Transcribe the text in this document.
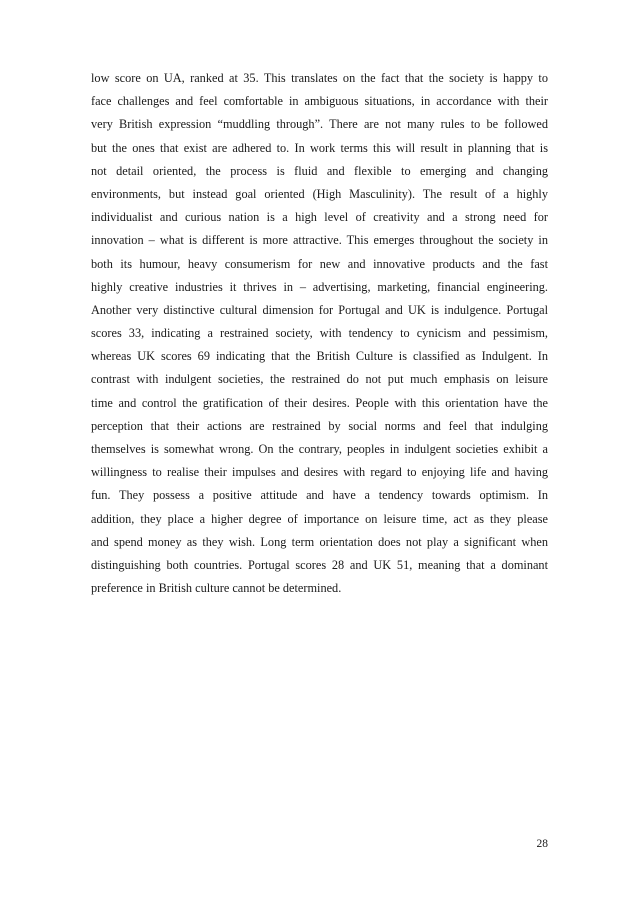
low score on UA, ranked at 35. This translates on the fact that the society is happy to
face challenges and feel comfortable in ambiguous situations, in accordance with their
very British expression “muddling through”. There are not many rules to be followed
but the ones that exist are adhered to. In work terms this will result in planning that is
not detail oriented, the process is fluid and flexible to emerging and changing
environments, but instead goal oriented (High Masculinity). The result of a highly
individualist and curious nation is a high level of creativity and a strong need for
innovation – what is different is more attractive. This emerges throughout the society in
both its humour, heavy consumerism for new and innovative products and the fast
highly creative industries it thrives in – advertising, marketing, financial engineering.
Another very distinctive cultural dimension for Portugal and UK is indulgence. Portugal
scores 33, indicating a restrained society, with tendency to cynicism and pessimism,
whereas UK scores 69 indicating that the British Culture is classified as Indulgent. In
contrast with indulgent societies, the restrained do not put much emphasis on leisure
time and control the gratification of their desires. People with this orientation have the
perception that their actions are restrained by social norms and feel that indulging
themselves is somewhat wrong. On the contrary, peoples in indulgent societies exhibit a
willingness to realise their impulses and desires with regard to enjoying life and having
fun. They possess a positive attitude and have a tendency towards optimism. In
addition, they place a higher degree of importance on leisure time, act as they please
and spend money as they wish. Long term orientation does not play a significant when
distinguishing both countries. Portugal scores 28 and UK 51, meaning that a dominant
preference in British culture cannot be determined.
28
